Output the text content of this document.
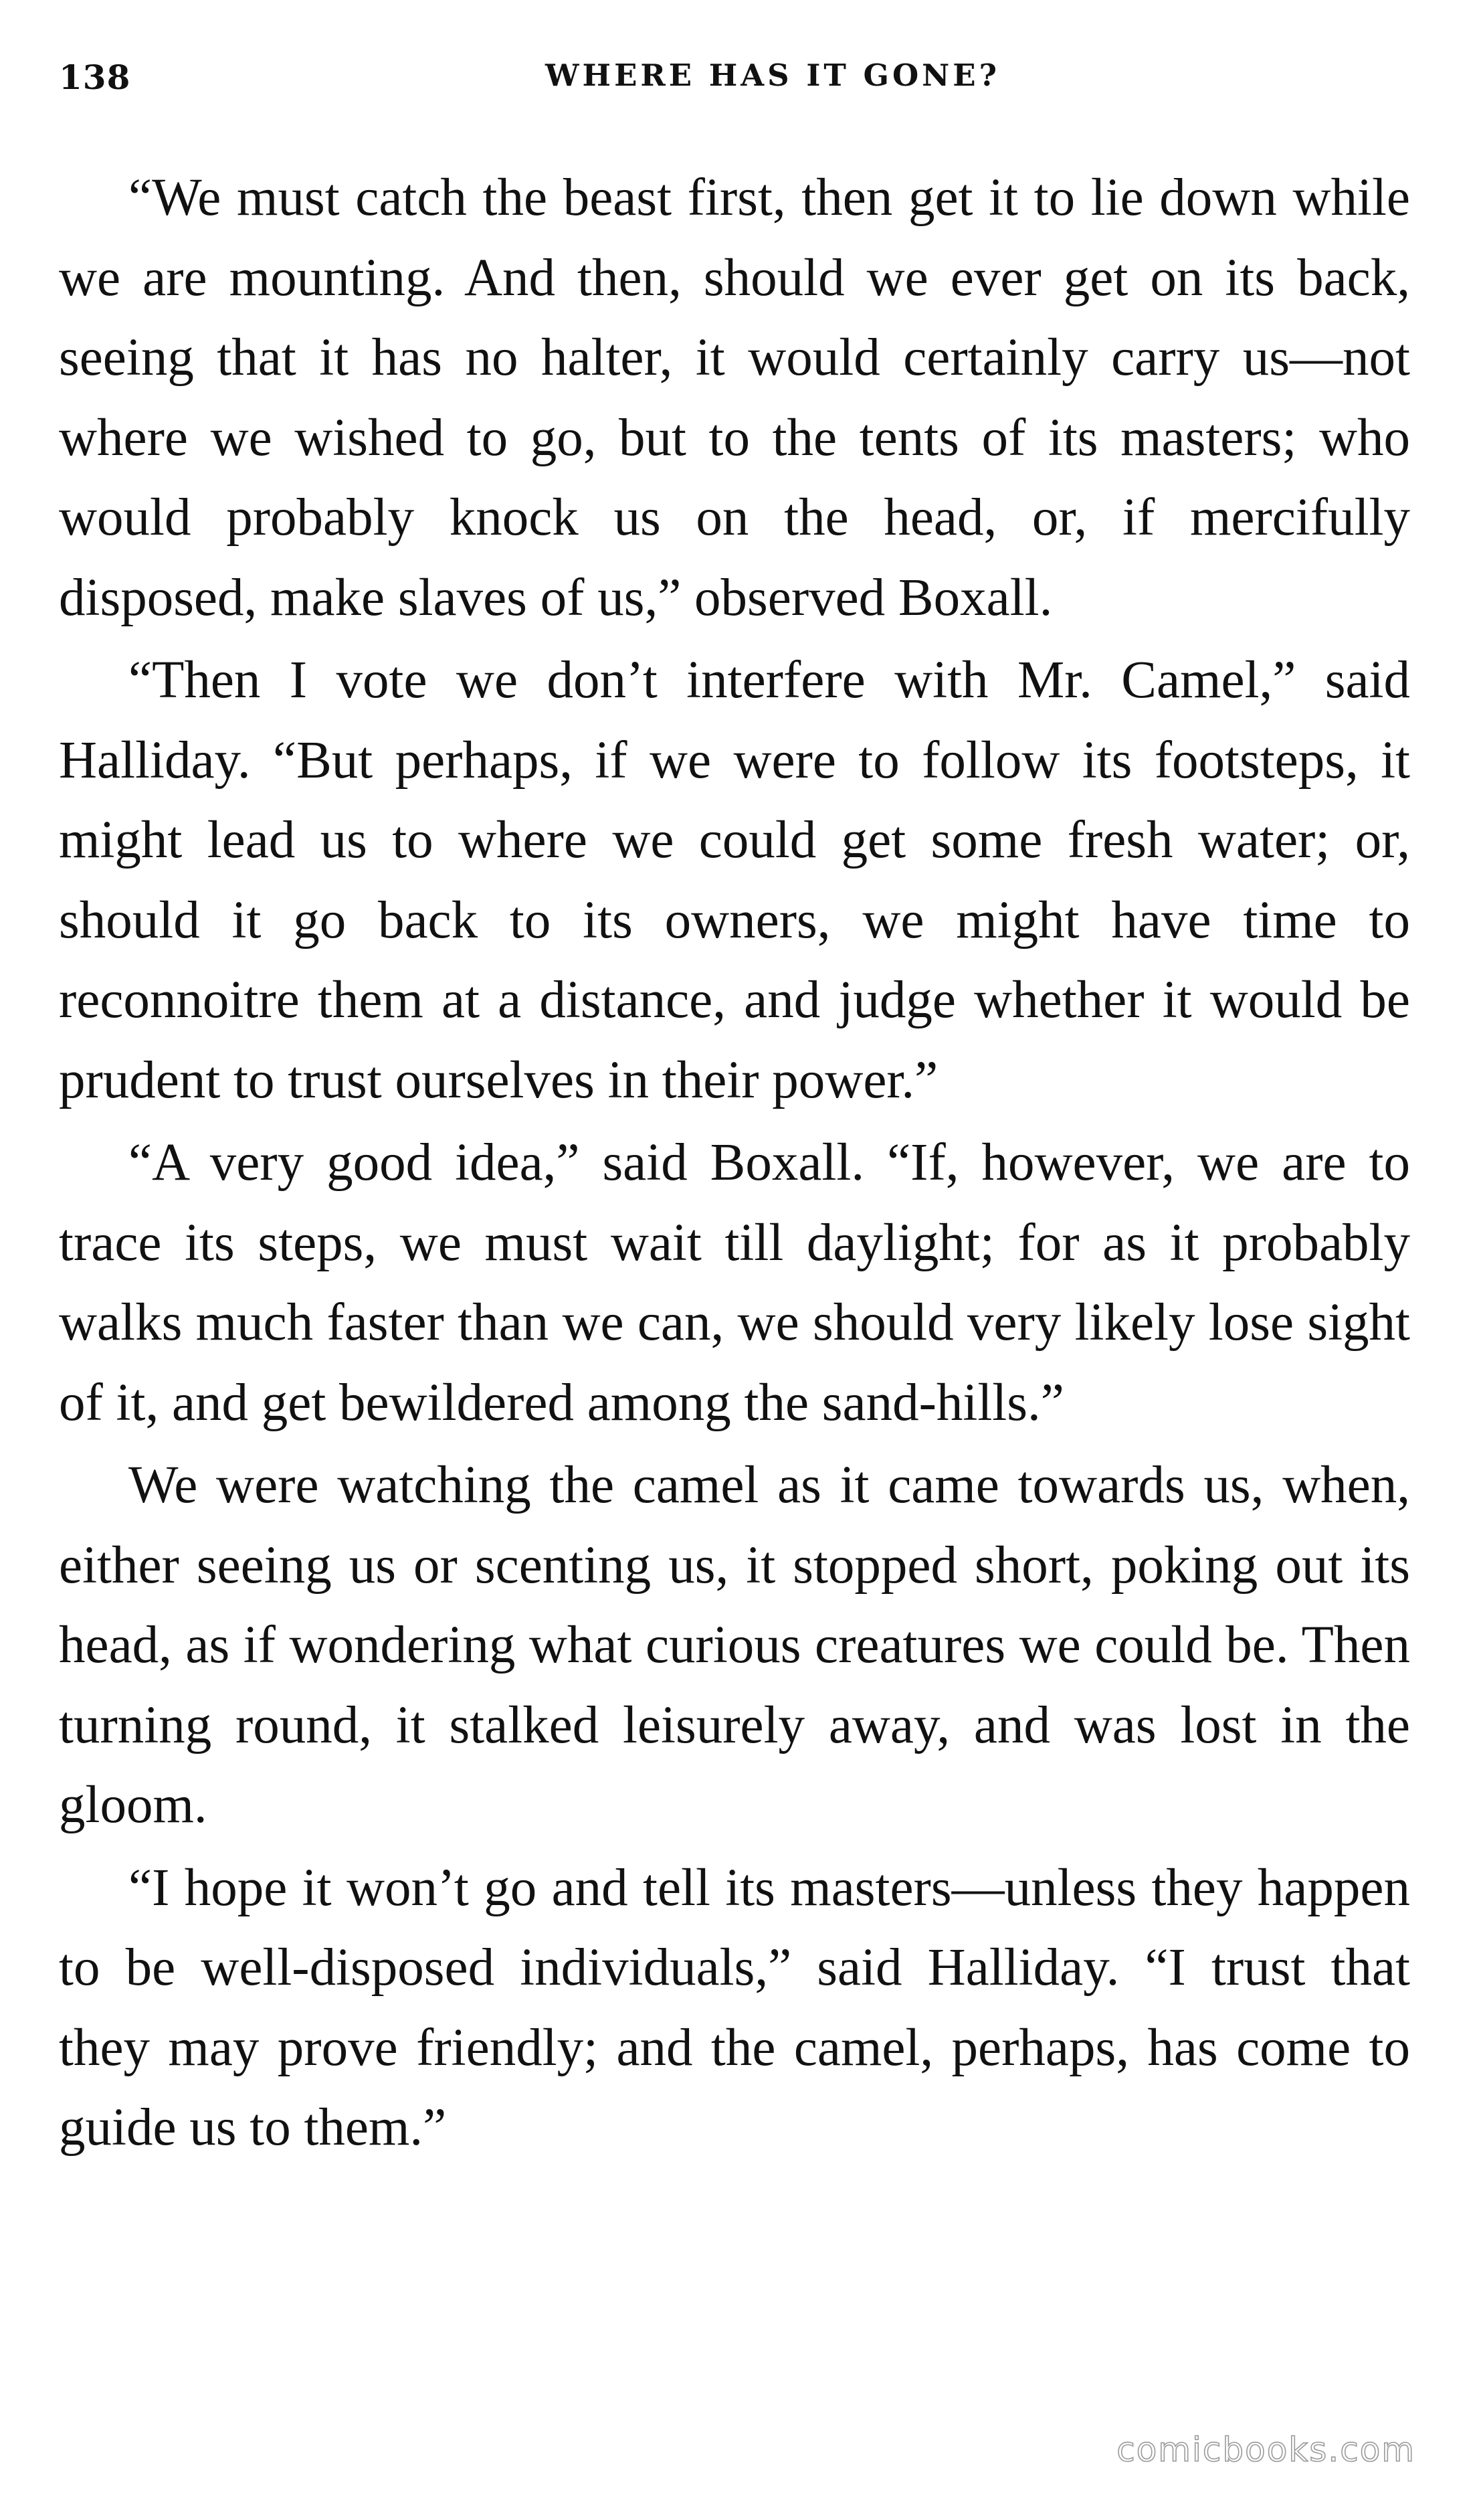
138	WHERE HAS IT GONE?

“We must catch the beast first, then get it to lie down while we are mounting. And then, should we ever get on its back, seeing that it has no halter, it would certainly carry us—not where we wished to go, but to the tents of its masters; who would probably knock us on the head, or, if mercifully disposed, make slaves of us,” observed Boxall.

“Then I vote we don’t interfere with Mr. Camel,” said Halliday. “But perhaps, if we were to follow its footsteps, it might lead us to where we could get some fresh water; or, should it go back to its owners, we might have time to reconnoitre them at a distance, and judge whether it would be prudent to trust ourselves in their power.”

“A very good idea,” said Boxall. “If, however, we are to trace its steps, we must wait till daylight; for as it probably walks much faster than we can, we should very likely lose sight of it, and get bewildered among the sand-hills.”

We were watching the camel as it came towards us, when, either seeing us or scenting us, it stopped short, poking out its head, as if wondering what curious creatures we could be. Then turning round, it stalked leisurely away, and was lost in the gloom.

“I hope it won’t go and tell its masters—unless they happen to be well-disposed individuals,” said Halliday. “I trust that they may prove friendly; and the camel, perhaps, has come to guide us to them.”

comicbooks.com
